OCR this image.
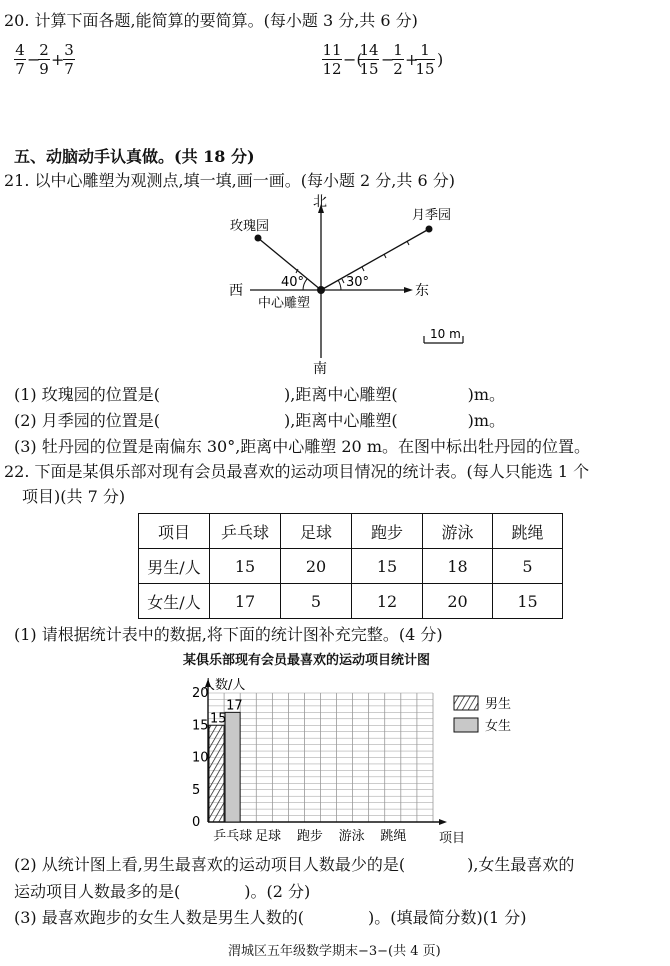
20. 计算下面各题,能简算的要简算。(每小题 3 分,共 6 分)
4
7 −
2
9 + 3
7
11
12 −(
14
15 −
1
2 + 1
15 )
五、动脑动手认真做。(共 18 分)
21. 以中心雕塑为观测点,填一填,画一画。(每小题 2 分,共 6 分)
北
南
东
西
中心雕塑
玫瑰园
月季园
40°	30°
10 m
(1) 玫瑰园的位置是(	),距离中心雕塑(	)m。
(2) 月季园的位置是(	),距离中心雕塑(	)m。
(3) 牡丹园的位置是南偏东 30°,距离中心雕塑 20 m。在图中标出牡丹园的位置。
22. 下面是某俱乐部对现有会员最喜欢的运动项目情况的统计表。(每人只能选 1 个
项目)(共 7 分)
项目	乒乓球	足球	跑步	游泳	跳绳
男生/人	15	20	15	18	5
女生/人	17	5	12	20	15
(1) 请根据统计表中的数据,将下面的统计图补充完整。(4 分)
某俱乐部现有会员最喜欢的运动项目统计图
0
5
10
15
20
人数/人
项目
乒乓球 足球 跑步 游泳 跳绳
15
17	男生
女生
(2) 从统计图上看,男生最喜欢的运动项目人数最少的是(	),女生最喜欢的
运动项目人数最多的是(	)。(2 分)
(3) 最喜欢跑步的女生人数是男生人数的(	)。(填最简分数)(1 分)
渭城区五年级数学期末−3−(共 4 页)
